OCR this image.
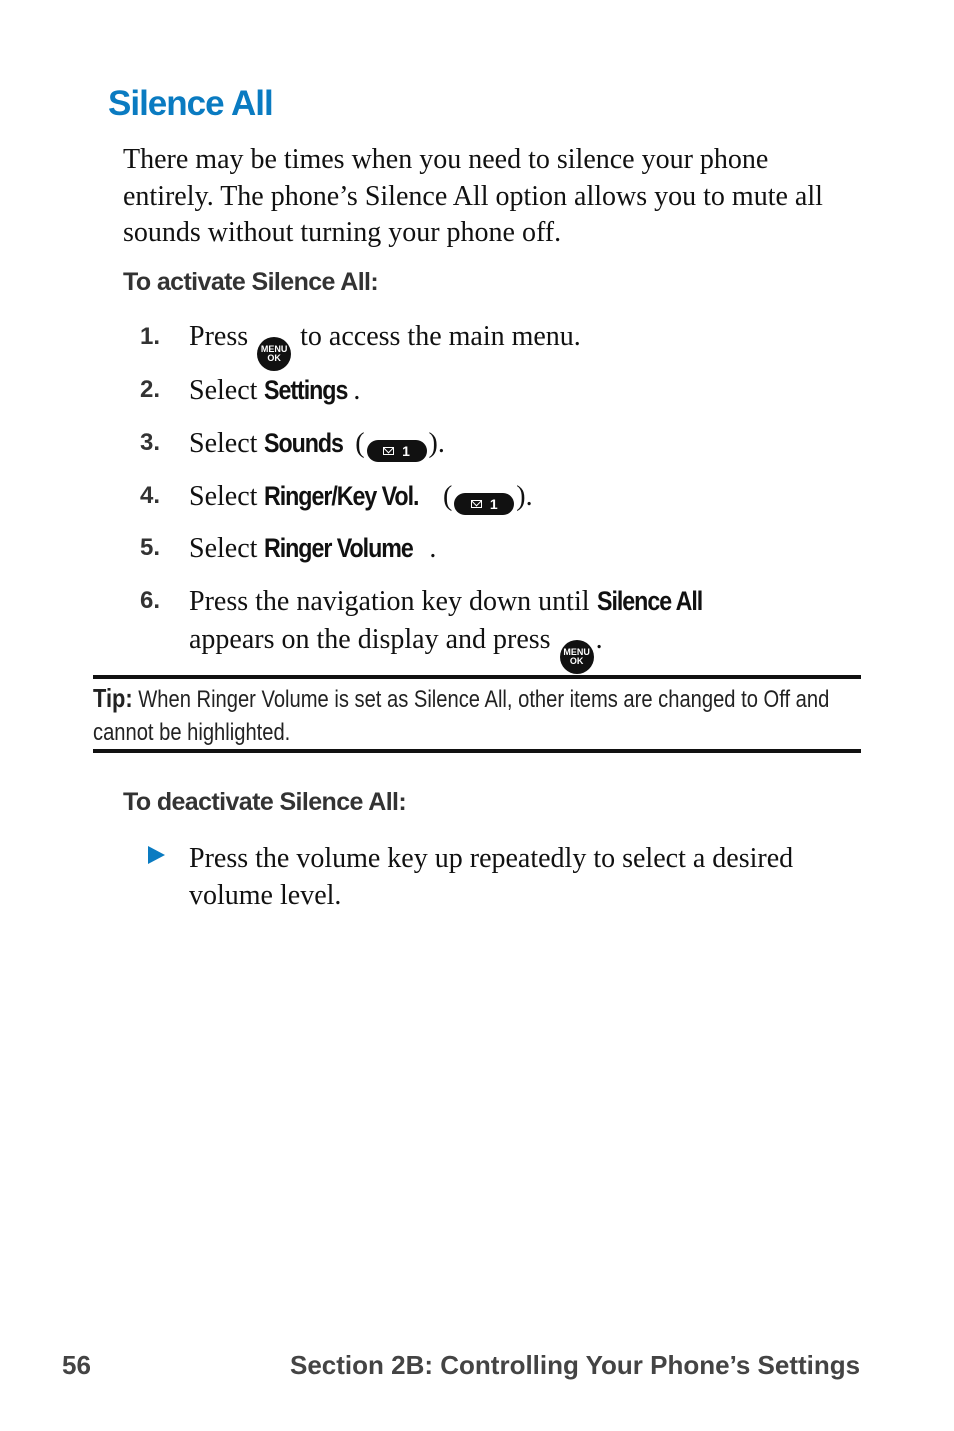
Silence All

There may be times when you need to silence your phone entirely. The phone’s Silence All option allows you to mute all sounds without turning your phone off.

To activate Silence All:
1.	Press MENU
OK
to access the main menu.
2.	Select Settings .
3.	Select Sounds (	1 ).
4.	Select Ringer/Key Vol. (	1 ).
5.	Select Ringer Volume .
6.	Press the navigation key down until Silence All
appears on the display and press MENU
OK
.

Tip: When Ringer Volume is set as Silence All, other items are changed to Off and cannot be highlighted.

To deactivate Silence All:
Press the volume key up repeatedly to select a desired volume level.
56	Section 2B: Controlling Your Phone’s Settings
